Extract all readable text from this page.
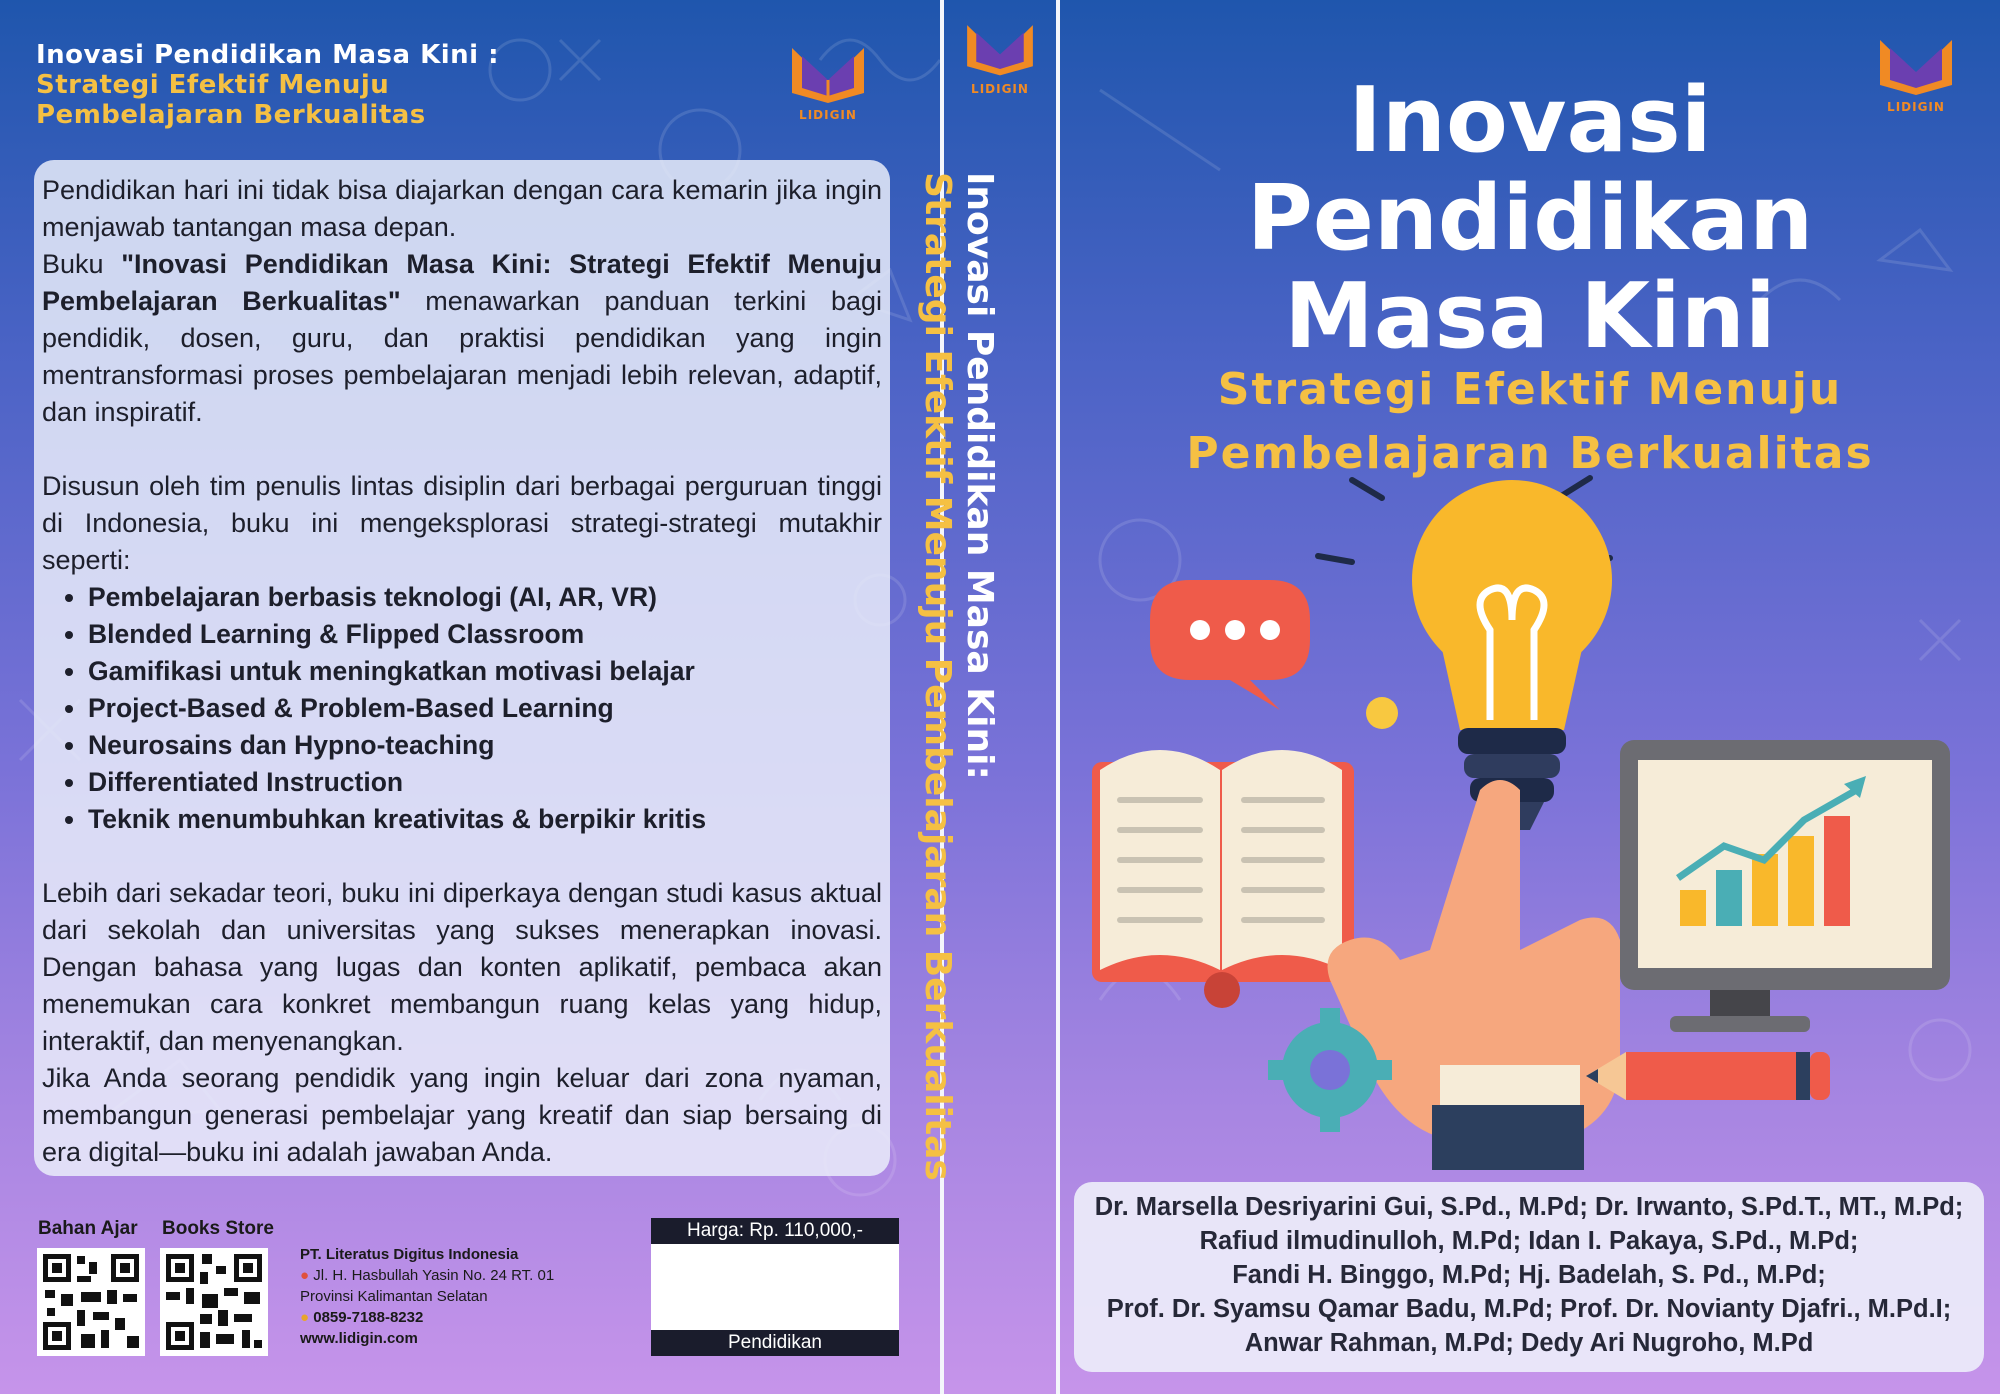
Inovasi Pendidikan Masa Kini :
Strategi Efektif Menuju
Pembelajaran Berkualitas	LIDIGIN

Pendidikan hari ini tidak bisa diajarkan dengan cara kemarin jika ingin menjawab tantangan masa depan.

Buku "Inovasi Pendidikan Masa Kini: Strategi Efektif Menuju Pembelajaran Berkualitas" menawarkan panduan terkini bagi pendidik, dosen, guru, dan praktisi pendidikan yang ingin mentransformasi proses pembelajaran menjadi lebih relevan, adaptif, dan inspiratif.

Disusun oleh tim penulis lintas disiplin dari berbagai perguruan tinggi di Indonesia, buku ini mengeksplorasi strategi-strategi mutakhir seperti:

• Pembelajaran berbasis teknologi (AI, AR, VR)
• Blended Learning & Flipped Classroom
• Gamifikasi untuk meningkatkan motivasi belajar
• Project-Based & Problem-Based Learning
• Neurosains dan Hypno-teaching
• Differentiated Instruction
• Teknik menumbuhkan kreativitas & berpikir kritis

Lebih dari sekadar teori, buku ini diperkaya dengan studi kasus aktual dari sekolah dan universitas yang sukses menerapkan inovasi. Dengan bahasa yang lugas dan konten aplikatif, pembaca akan menemukan cara konkret membangun ruang kelas yang hidup, interaktif, dan menyenangkan.

Jika Anda seorang pendidik yang ingin keluar dari zona nyaman, membangun generasi pembelajar yang kreatif dan siap bersaing di era digital—buku ini adalah jawaban Anda.

Bahan Ajar Books Store
PT. Literatus Digitus Indonesia
● Jl. H. Hasbullah Yasin No. 24 RT. 01
Provinsi Kalimantan Selatan
● 0859-7188-8232
www.lidigin.com
Harga: Rp. 110,000,-
Pendidikan
LIDIGIN
Inovasi Pendidikan Masa Kini:
Strategi Efektif Menuju Pembelajaran Berkualitas
LIDIGIN
Inovasi
Pendidikan
Masa Kini
Strategi Efektif Menuju
Pembelajaran Berkualitas
Dr. Marsella Desriyarini Gui, S.Pd., M.Pd; Dr. Irwanto, S.Pd.T., MT., M.Pd;
Rafiud ilmudinulloh, M.Pd; Idan I. Pakaya, S.Pd., M.Pd;
Fandi H. Binggo, M.Pd; Hj. Badelah, S. Pd., M.Pd;
Prof. Dr. Syamsu Qamar Badu, M.Pd; Prof. Dr. Novianty Djafri., M.Pd.I;
Anwar Rahman, M.Pd; Dedy Ari Nugroho, M.Pd
